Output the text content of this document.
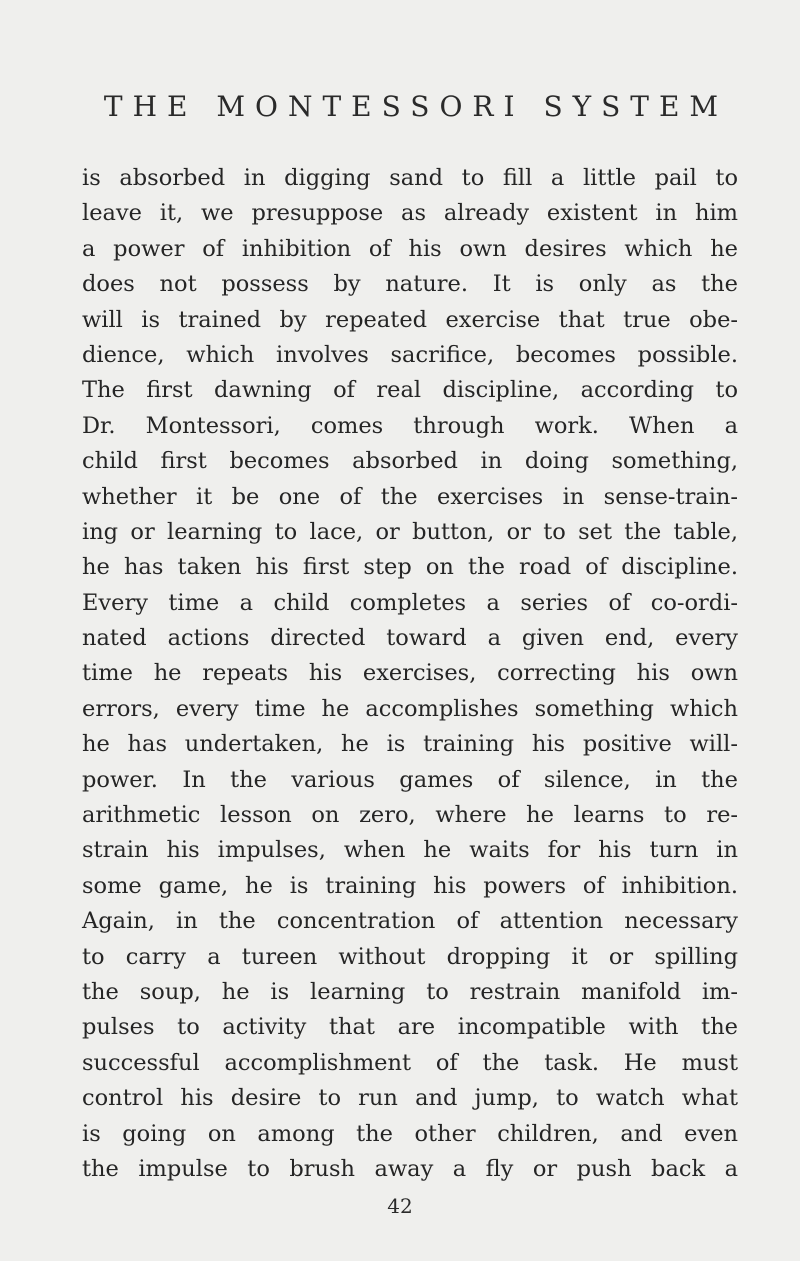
THE MONTESSORI SYSTEM
is absorbed in digging sand to fill a little pail to
leave it, we presuppose as already existent in him
a power of inhibition of his own desires which he
does not possess by nature. It is only as the
will is trained by repeated exercise that true obe-
dience, which involves sacrifice, becomes possible.
The first dawning of real discipline, according to
Dr. Montessori, comes through work. When a
child first becomes absorbed in doing something,
whether it be one of the exercises in sense-train-
ing or learning to lace, or button, or to set the table,
he has taken his first step on the road of discipline.
Every time a child completes a series of co-ordi-
nated actions directed toward a given end, every
time he repeats his exercises, correcting his own
errors, every time he accomplishes something which
he has undertaken, he is training his positive will-
power. In the various games of silence, in the
arithmetic lesson on zero, where he learns to re-
strain his impulses, when he waits for his turn in
some game, he is training his powers of inhibition.
Again, in the concentration of attention necessary
to carry a tureen without dropping it or spilling
the soup, he is learning to restrain manifold im-
pulses to activity that are incompatible with the
successful accomplishment of the task. He must
control his desire to run and jump, to watch what
is going on among the other children, and even
the impulse to brush away a fly or push back a
42
